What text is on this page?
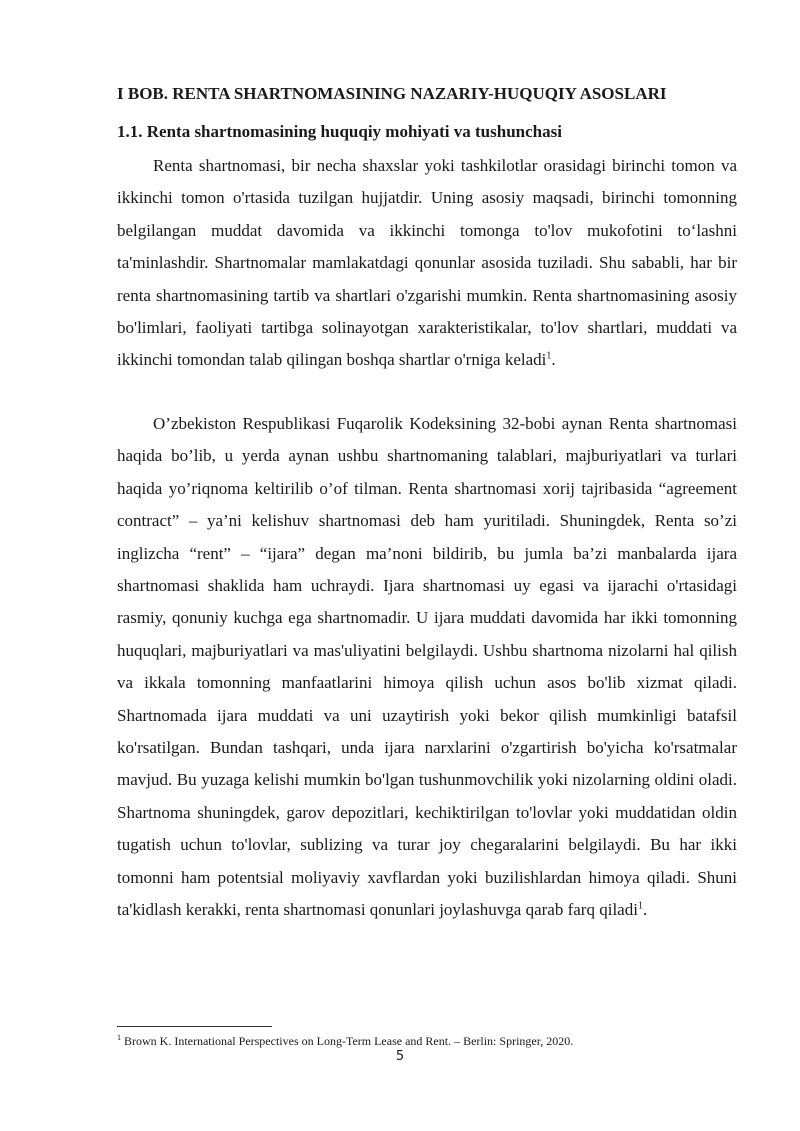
I BOB. RENTA SHARTNOMASINING NAZARIY-HUQUQIY ASOSLARI
1.1. Renta shartnomasining huquqiy mohiyati va tushunchasi

Renta shartnomasi, bir necha shaxslar yoki tashkilotlar orasidagi birinchi tomon va ikkinchi tomon o'rtasida tuzilgan hujjatdir. Uning asosiy maqsadi, birinchi tomonning belgilangan muddat davomida va ikkinchi tomonga to'lov mukofotini to‘lashni ta'minlashdir. Shartnomalar mamlakatdagi qonunlar asosida tuziladi. Shu sababli, har bir renta shartnomasining tartib va shartlari o'zgarishi mumkin. Renta shartnomasining asosiy bo'limlari, faoliyati tartibga solinayotgan xarakteristikalar, to'lov shartlari, muddati va ikkinchi tomondan talab qilingan boshqa shartlar o'rniga keladi$^1$.

O’zbekiston Respublikasi Fuqarolik Kodeksining 32-bobi aynan Renta shartnomasi haqida bo’lib, u yerda aynan ushbu shartnomaning talablari, majburiyatlari va turlari haqida yo’riqnoma keltirilib o’of tilman. Renta shartnomasi xorij tajribasida “agreement contract” – ya’ni kelishuv shartnomasi deb ham yuritiladi. Shuningdek, Renta so’zi inglizcha “rent” – “ijara” degan ma’noni bildirib, bu jumla ba’zi manbalarda ijara shartnomasi shaklida ham uchraydi. Ijara shartnomasi uy egasi va ijarachi o'rtasidagi rasmiy, qonuniy kuchga ega shartnomadir. U ijara muddati davomida har ikki tomonning huquqlari, majburiyatlari va mas'uliyatini belgilaydi. Ushbu shartnoma nizolarni hal qilish va ikkala tomonning manfaatlarini himoya qilish uchun asos bo'lib xizmat qiladi. Shartnomada ijara muddati va uni uzaytirish yoki bekor qilish mumkinligi batafsil ko'rsatilgan. Bundan tashqari, unda ijara narxlarini o'zgartirish bo'yicha ko'rsatmalar mavjud. Bu yuzaga kelishi mumkin bo'lgan tushunmovchilik yoki nizolarning oldini oladi. Shartnoma shuningdek, garov depozitlari, kechiktirilgan to'lovlar yoki muddatidan oldin tugatish uchun to'lovlar, sublizing va turar joy chegaralarini belgilaydi. Bu har ikki tomonni ham potentsial moliyaviy xavflardan yoki buzilishlardan himoya qiladi. Shuni ta'kidlash kerakki, renta shartnomasi qonunlari joylashuvga qarab farq qiladi$^1$.

$^1$ Brown K. International Perspectives on Long-Term Lease and Rent. – Berlin: Springer, 2020.

5
